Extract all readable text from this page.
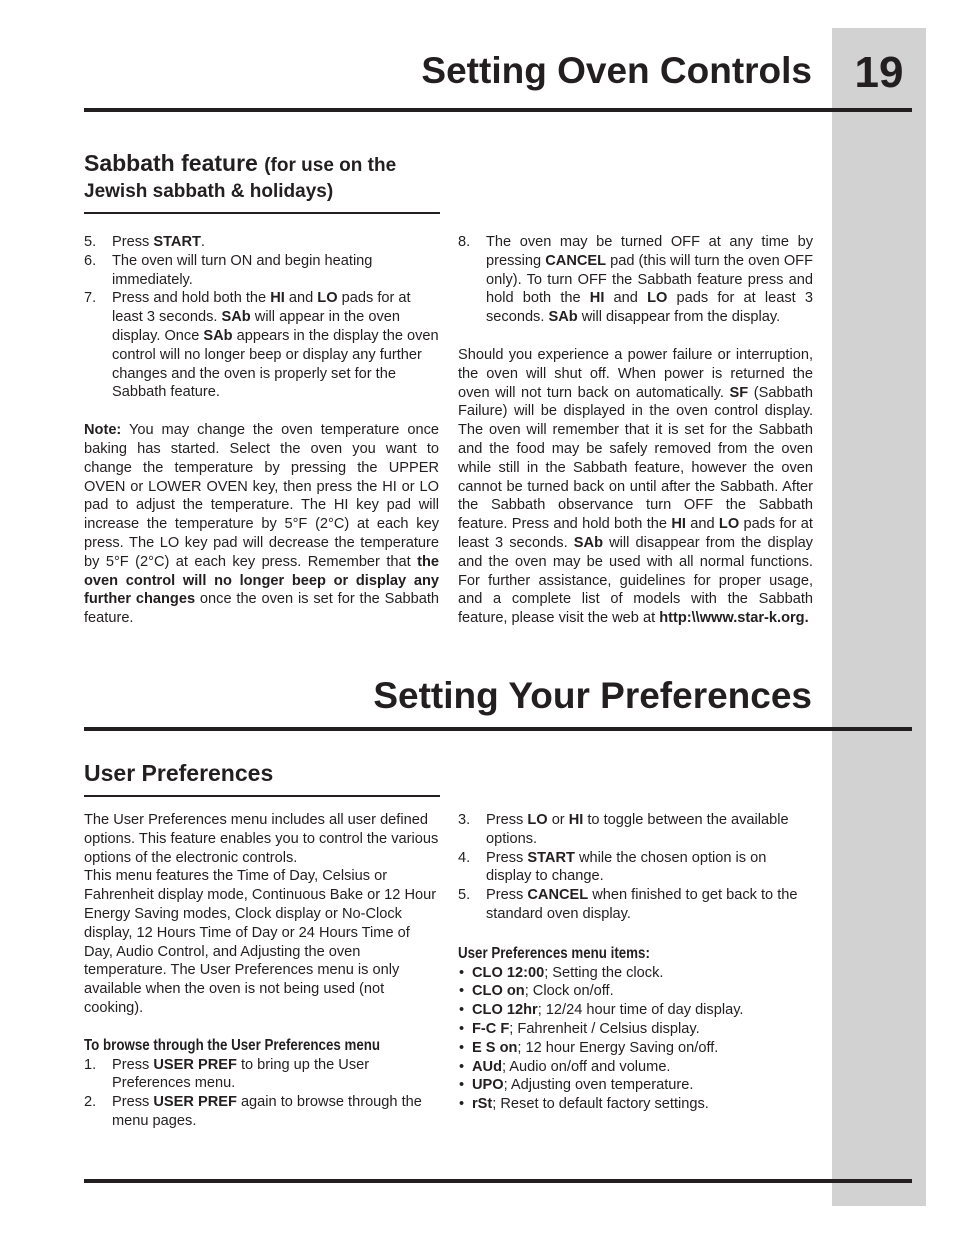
19
Setting Oven Controls
Sabbath feature (for use on the
Jewish sabbath & holidays)
5. Press START.
6. The oven will turn ON and begin heating immediately.
7. Press and hold both the HI and LO pads for at least 3 seconds. SAb will appear in the oven display. Once SAb appears in the display the oven control will no longer beep or display any further changes and the oven is properly set for the Sabbath feature.

Note: You may change the oven temperature once baking has started. Select the oven you want to change the temperature by pressing the UPPER OVEN or LOWER OVEN key, then press the HI or LO pad to adjust the temperature. The HI key pad will increase the temperature by 5°F (2°C) at each key press. The LO key pad will decrease the temperature by 5°F (2°C) at each key press. Remember that the oven control will no longer beep or display any further changes once the oven is set for the Sabbath feature.

8. The oven may be turned OFF at any time by pressing CANCEL pad (this will turn the oven OFF only). To turn OFF the Sabbath feature press and hold both the HI and LO pads for at least 3 seconds. SAb will disappear from the display.

Should you experience a power failure or interruption, the oven will shut off. When power is returned the oven will not turn back on automatically. SF (Sabbath Failure) will be displayed in the oven control display. The oven will remember that it is set for the Sabbath and the food may be safely removed from the oven while still in the Sabbath feature, however the oven cannot be turned back on until after the Sabbath. After the Sabbath observance turn OFF the Sabbath feature. Press and hold both the HI and LO pads for at least 3 seconds. SAb will disappear from the display and the oven may be used with all normal functions. For further assistance, guidelines for proper usage, and a complete list of models with the Sabbath feature, please visit the web at http:\\www.star-k.org.

Setting Your Preferences
User Preferences

The User Preferences menu includes all user defined options. This feature enables you to control the various options of the electronic controls.

This menu features the Time of Day, Celsius or Fahrenheit display mode, Continuous Bake or 12 Hour Energy Saving modes, Clock display or No-Clock display, 12 Hours Time of Day or 24 Hours Time of Day, Audio Control, and Adjusting the oven temperature. The User Preferences menu is only available when the oven is not being used (not cooking).

To browse through the User Preferences menu
1. Press USER PREF to bring up the User Preferences menu.
2. Press USER PREF again to browse through the menu pages.
3. Press LO or HI to toggle between the available options.
4. Press START while the chosen option is on display to change.
5. Press CANCEL when finished to get back to the standard oven display.
User Preferences menu items:
• CLO 12:00; Setting the clock.
• CLO on; Clock on/off.
• CLO 12hr; 12/24 hour time of day display.
• F-C F; Fahrenheit / Celsius display.
• E S on; 12 hour Energy Saving on/off.
• AUd; Audio on/off and volume.
• UPO; Adjusting oven temperature.
• rSt; Reset to default factory settings.
